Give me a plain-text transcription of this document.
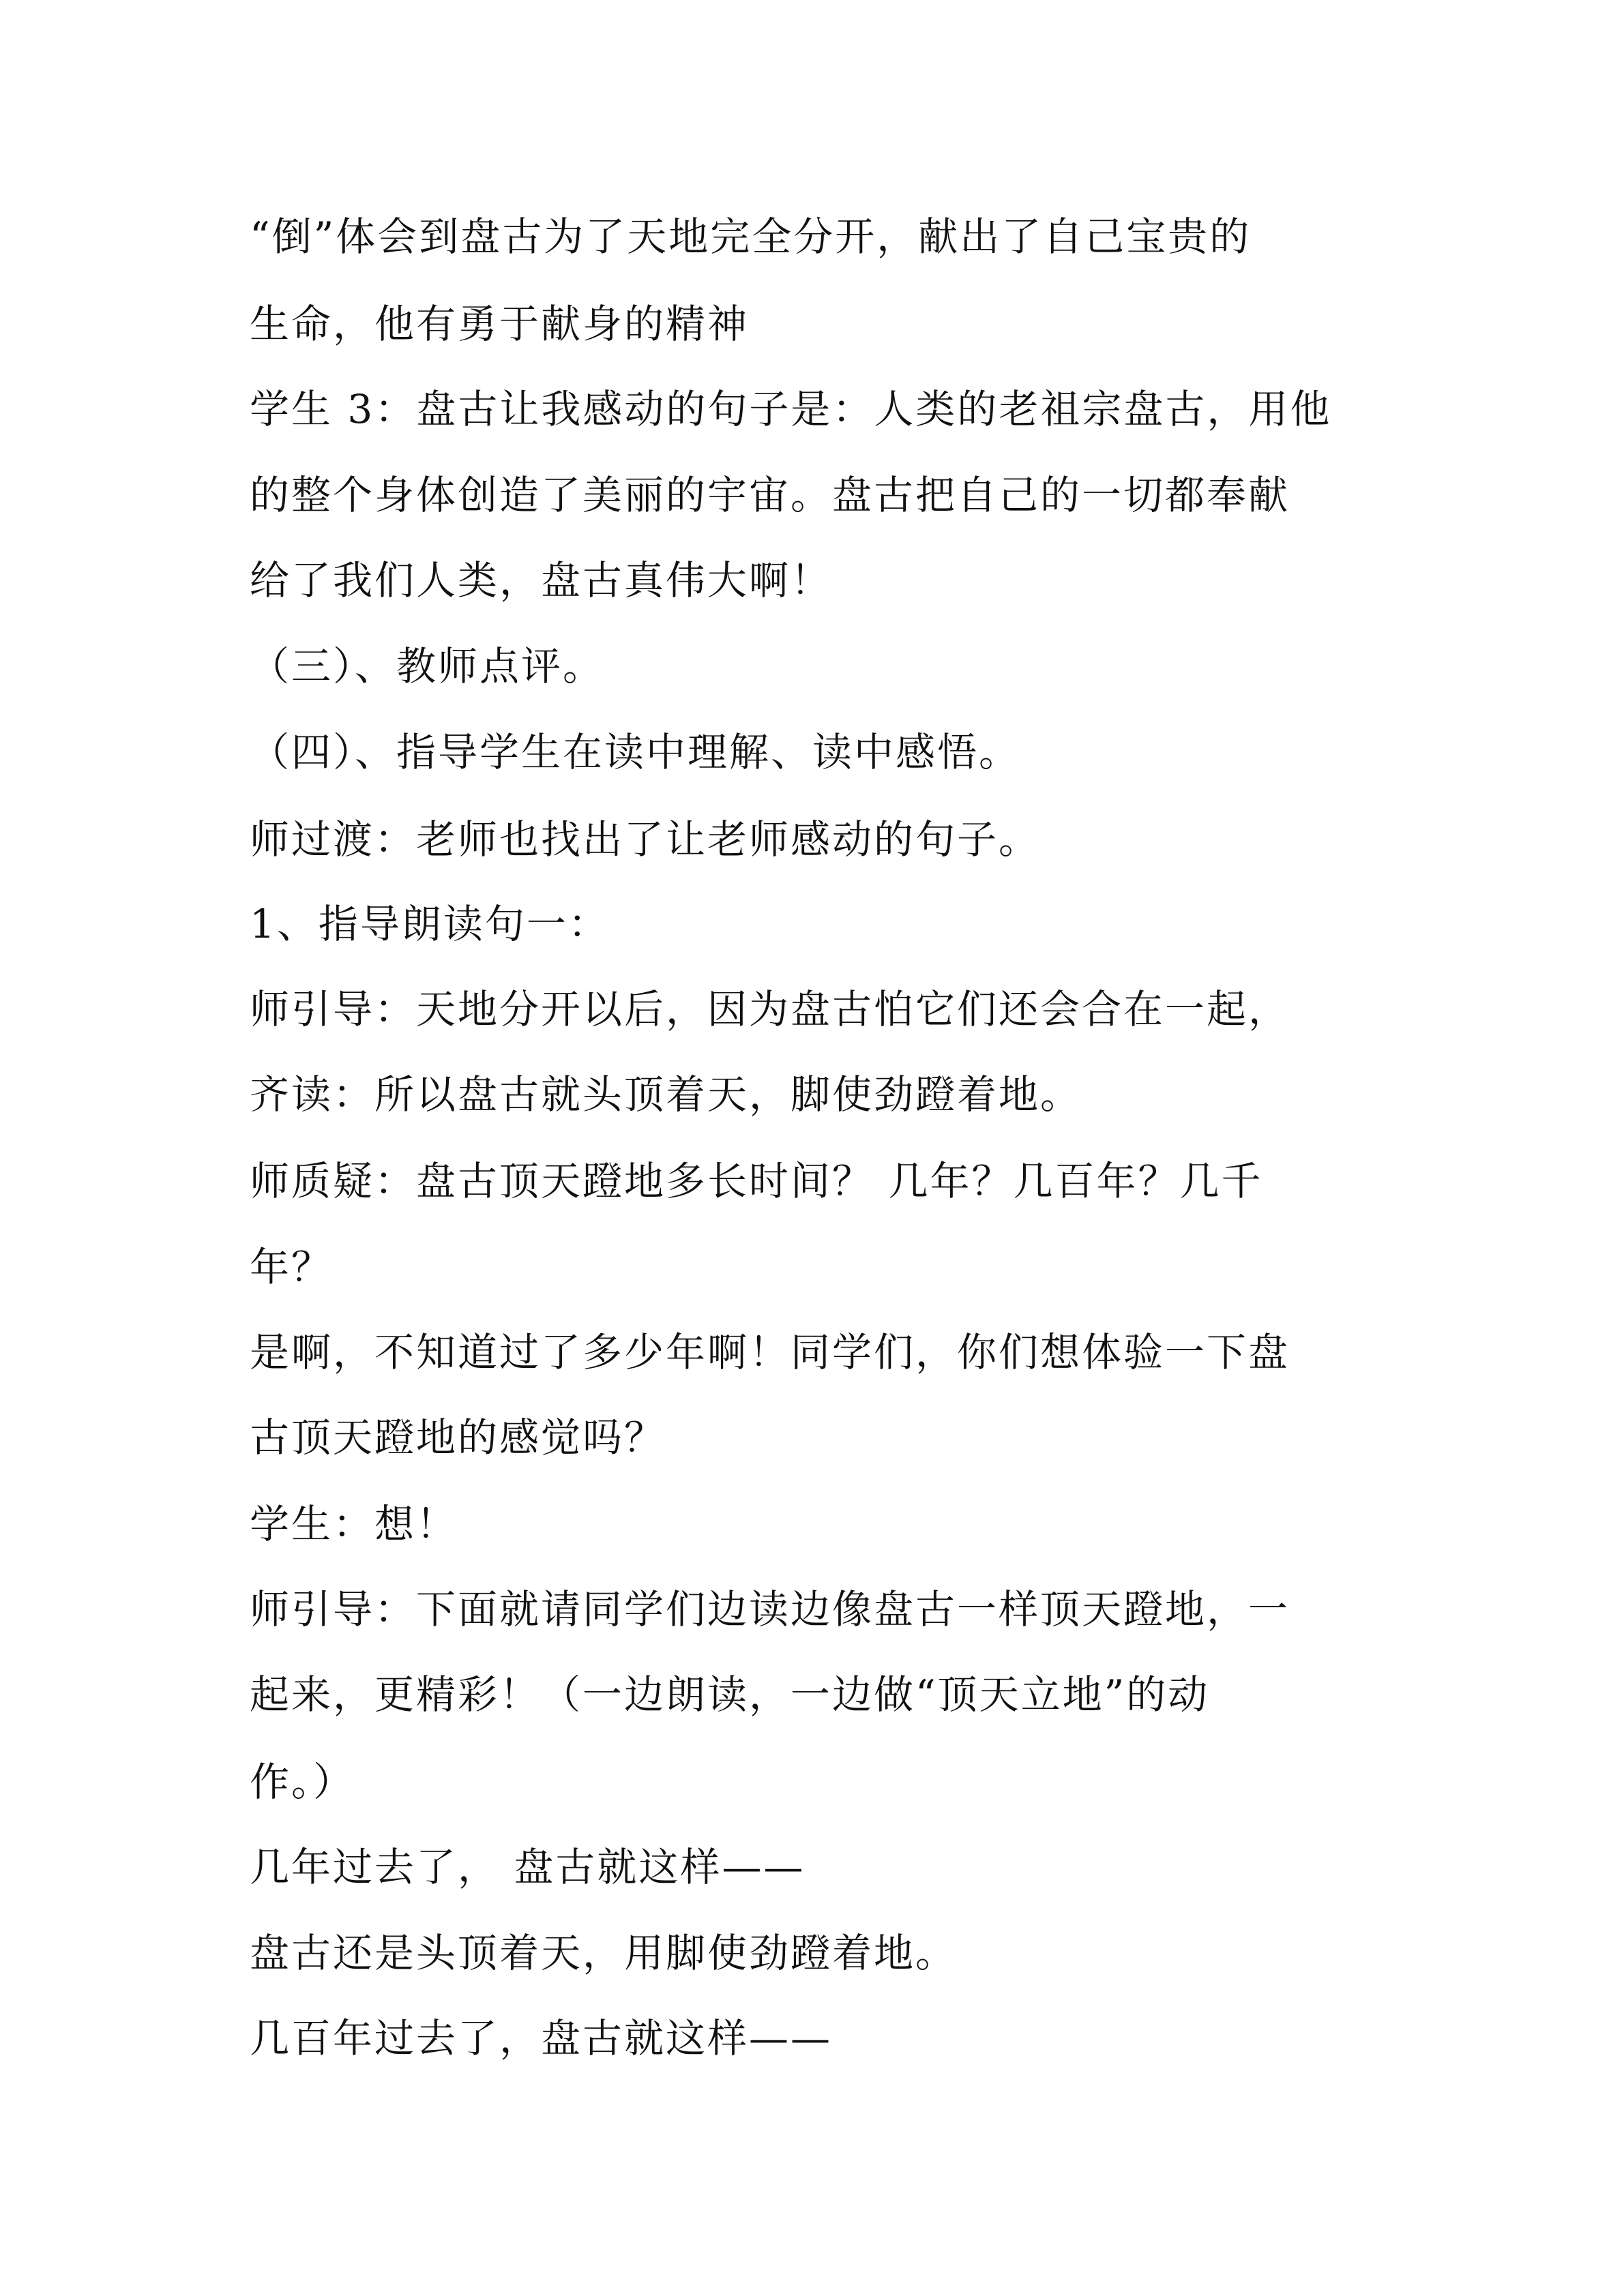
“倒”体会到盘古为了天地完全分开，献出了自己宝贵的
生命，他有勇于献身的精神
学生 3：盘古让我感动的句子是：人类的老祖宗盘古，用他
的整个身体创造了美丽的宇宙。盘古把自己的一切都奉献
给了我们人类，盘古真伟大啊！
（三）、教师点评。
（四）、指导学生在读中理解、读中感悟。
师过渡：老师也找出了让老师感动的句子。
1、指导朗读句一：
师引导：天地分开以后，因为盘古怕它们还会合在一起，
齐读：所以盘古就头顶着天，脚使劲蹬着地。
师质疑：盘古顶天蹬地多长时间？ 几年？几百年？几千
年？
是啊，不知道过了多少年啊！同学们，你们想体验一下盘
古顶天蹬地的感觉吗？
学生：想！
师引导：下面就请同学们边读边像盘古一样顶天蹬地，一
起来，更精彩！（一边朗读，一边做“顶天立地”的动
作。）
几年过去了， 盘古就这样——
盘古还是头顶着天，用脚使劲蹬着地。
几百年过去了，盘古就这样——
